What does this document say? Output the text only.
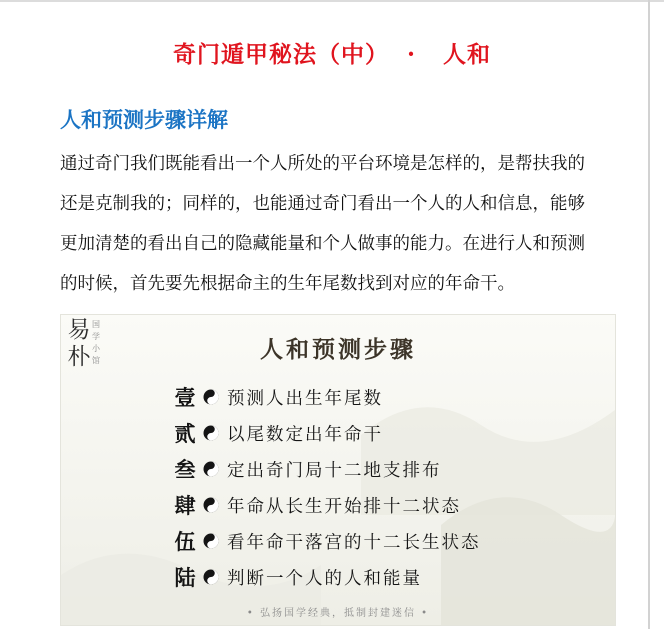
奇门遁甲秘法（中）  ·   人和
人和预测步骤详解
通过奇门我们既能看出一个人所处的平台环境是怎样的，是帮扶我的
还是克制我的；同样的，也能通过奇门看出一个人的人和信息，能够
更加清楚的看出自己的隐藏能量和个人做事的能力。在进行人和预测
的时候，首先要先根据命主的生年尾数找到对应的年命干。
易朴
国学小馆	人和预测步骤
壹 预测人出生年尾数
贰 以尾数定出年命干
叁 定出奇门局十二地支排布
肆 年命从长生开始排十二状态
伍 看年命干落宫的十二长生状态
陆 判断一个人的人和能量
• 弘扬国学经典，抵制封建迷信 •
